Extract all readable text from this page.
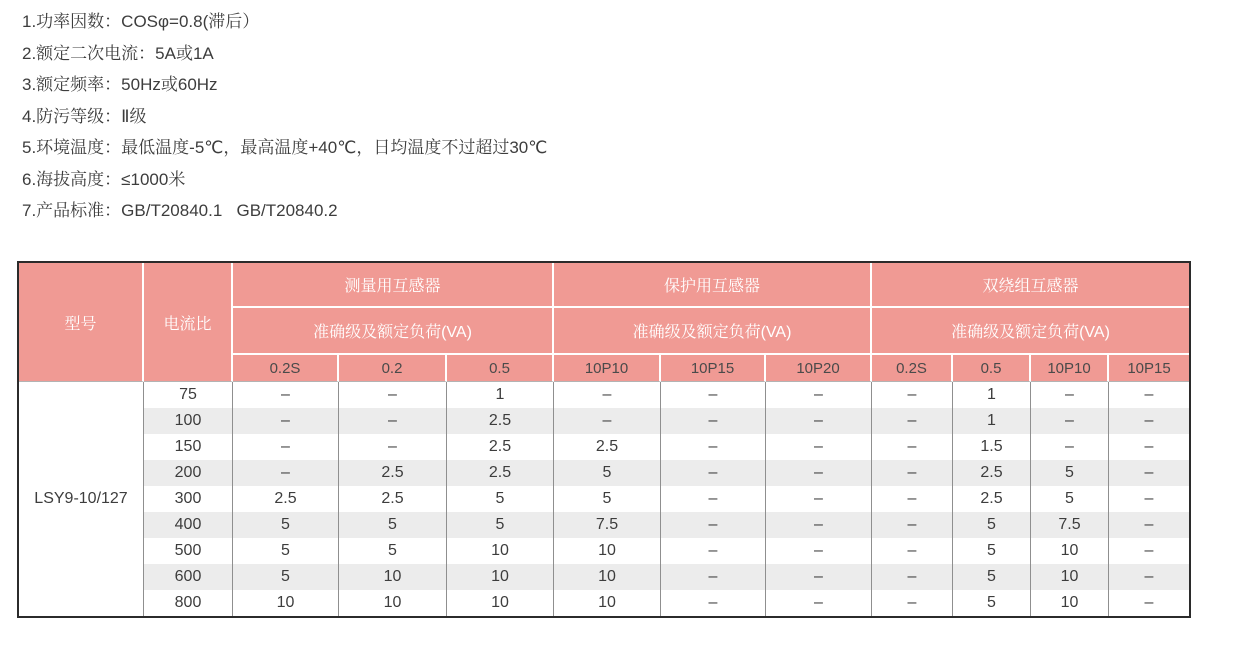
1.功率因数：COSφ=0.8(滞后）
2.额定二次电流：5A或1A
3.额定频率：50Hz或60Hz
4.防污等级：Ⅱ级
5.环境温度：最低温度-5℃，最高温度+40℃，日均温度不过超过30℃
6.海拔高度：≤1000米
7.产品标准：GB/T20840.1   GB/T20840.2
型号	电流比
测量用互感器	保护用互感器	双绕组互感器
准确级及额定负荷(VA)	准确级及额定负荷(VA)	准确级及额定负荷(VA)
0.2S	0.2	0.5	10P10	10P15	10P20	0.2S	0.5	10P10	10P15
LSY9-10/127
75	–	–	1	–	–	–	–	1	–	–
100	–	–	2.5	–	–	–	–	1	–	–
150	–	–	2.5	2.5	–	–	–	1.5	–	–
200	–	2.5	2.5	5	–	–	–	2.5	5	–
300	2.5	2.5	5	5	–	–	–	2.5	5	–
400	5	5	5	7.5	–	–	–	5	7.5	–
500	5	5	10	10	–	–	–	5	10	–
600	5	10	10	10	–	–	–	5	10	–
800	10	10	10	10	–	–	–	5	10	–
